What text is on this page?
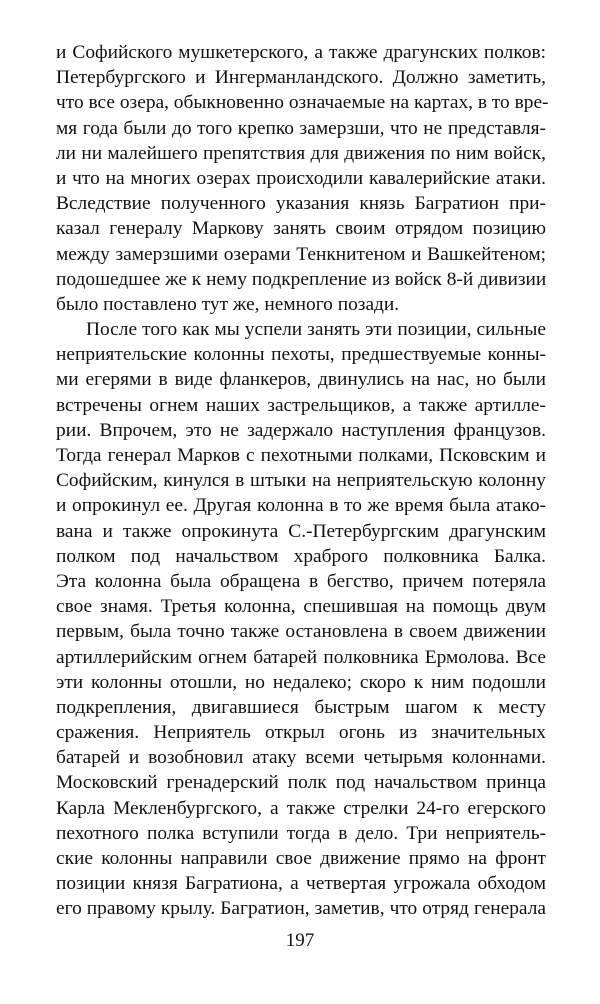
и Софийского мушкетерского, а также драгунских полков:
Петербургского и Ингерманландского. Должно заметить,
что все озера, обыкновенно означаемые на картах, в то вре-
мя года были до того крепко замерзши, что не представля-
ли ни малейшего препятствия для движения по ним войск,
и что на многих озерах происходили кавалерийские атаки.
Вследствие полученного указания князь Багратион при-
казал генералу Маркову занять своим отрядом позицию
между замерзшими озерами Тенкнитеном и Вашкейтеном;
подошедшее же к нему подкрепление из войск 8-й дивизии
было поставлено тут же, немного позади.
После того как мы успели занять эти позиции, сильные
неприятельские колонны пехоты, предшествуемые конны-
ми егерями в виде фланкеров, двинулись на нас, но были
встречены огнем наших застрельщиков, а также артилле-
рии. Впрочем, это не задержало наступления французов.
Тогда генерал Марков с пехотными полками, Псковским и
Софийским, кинулся в штыки на неприятельскую колонну
и опрокинул ее. Другая колонна в то же время была атако-
вана и также опрокинута С.-Петербургским драгунским
полком под начальством храброго полковника Балка.
Эта колонна была обращена в бегство, причем потеряла
свое знамя. Третья колонна, спешившая на помощь двум
первым, была точно также остановлена в своем движении
артиллерийским огнем батарей полковника Ермолова. Все
эти колонны отошли, но недалеко; скоро к ним подошли
подкрепления, двигавшиеся быстрым шагом к месту
сражения. Неприятель открыл огонь из значительных
батарей и возобновил атаку всеми четырьмя колоннами.
Московский гренадерский полк под начальством принца
Карла Мекленбургского, а также стрелки 24-го егерского
пехотного полка вступили тогда в дело. Три неприятель-
ские колонны направили свое движение прямо на фронт
позиции князя Багратиона, а четвертая угрожала обходом
его правому крылу. Багратион, заметив, что отряд генерала
197
